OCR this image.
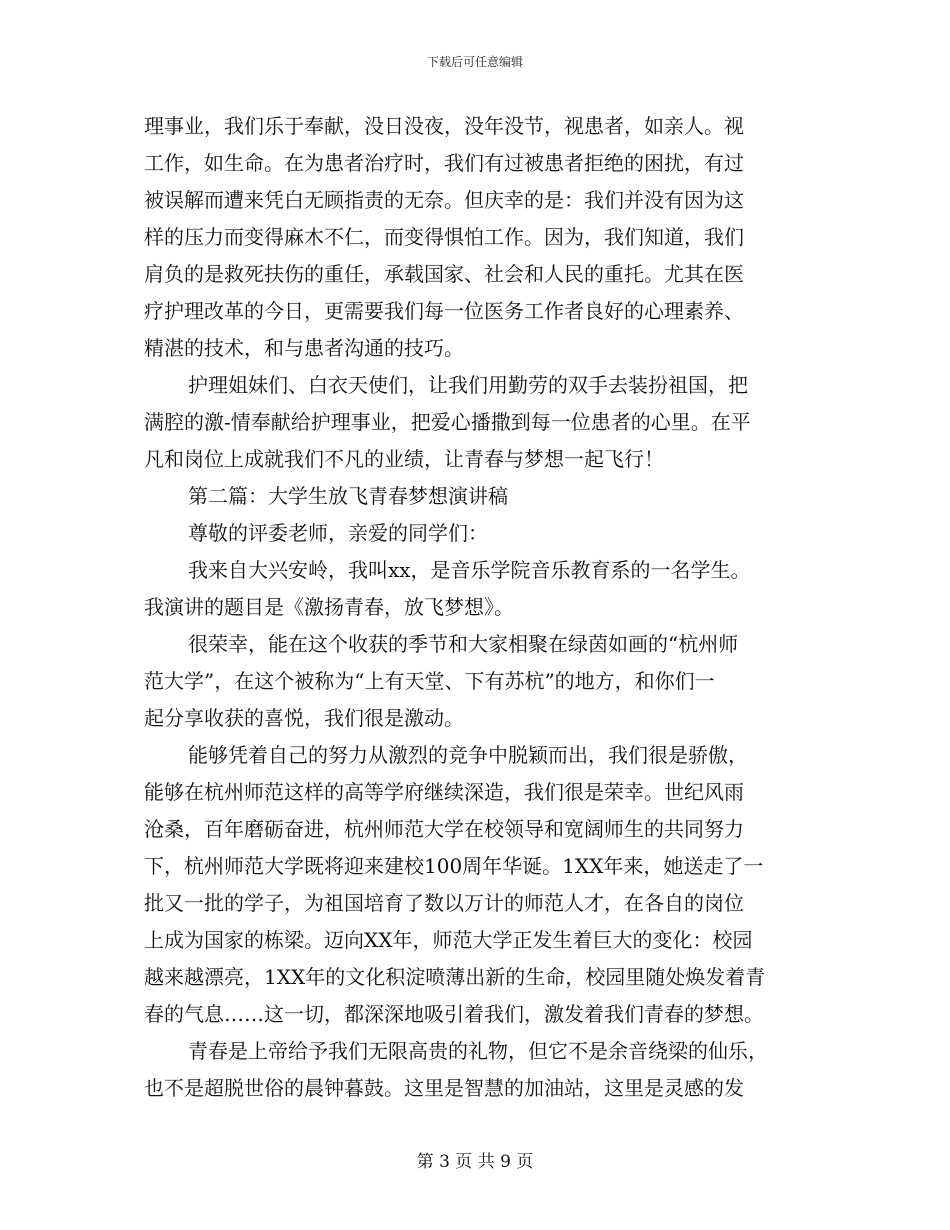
下载后可任意编辑
理事业，我们乐于奉献，没日没夜，没年没节，视患者，如亲人。视
工作，如生命。在为患者治疗时，我们有过被患者拒绝的困扰，有过
被误解而遭来凭白无顾指责的无奈。但庆幸的是：我们并没有因为这
样的压力而变得麻木不仁，而变得惧怕工作。因为，我们知道，我们
肩负的是救死扶伤的重任，承载国家、社会和人民的重托。尤其在医
疗护理改革的今日，更需要我们每一位医务工作者良好的心理素养、
精湛的技术，和与患者沟通的技巧。
护理姐妹们、白衣天使们，让我们用勤劳的双手去装扮祖国，把
满腔的激-情奉献给护理事业，把爱心播撒到每一位患者的心里。在平
凡和岗位上成就我们不凡的业绩，让青春与梦想一起飞行！
第二篇：大学生放飞青春梦想演讲稿
尊敬的评委老师，亲爱的同学们：
我来自大兴安岭，我叫xx，是音乐学院音乐教育系的一名学生。
我演讲的题目是《激扬青春，放飞梦想》。
很荣幸，能在这个收获的季节和大家相聚在绿茵如画的“杭州师
范大学”，在这个被称为“上有天堂、下有苏杭”的地方，和你们一
起分享收获的喜悦，我们很是激动。
能够凭着自己的努力从激烈的竞争中脱颖而出，我们很是骄傲，
能够在杭州师范这样的高等学府继续深造，我们很是荣幸。世纪风雨
沧桑，百年磨砺奋进，杭州师范大学在校领导和宽阔师生的共同努力
下，杭州师范大学既将迎来建校100周年华诞。1XX年来，她送走了一
批又一批的学子，为祖国培育了数以万计的师范人才，在各自的岗位
上成为国家的栋梁。迈向XX年，师范大学正发生着巨大的变化：校园
越来越漂亮，1XX年的文化积淀喷薄出新的生命，校园里随处焕发着青
春的气息……这一切，都深深地吸引着我们，激发着我们青春的梦想。
青春是上帝给予我们无限高贵的礼物，但它不是余音绕梁的仙乐，
也不是超脱世俗的晨钟暮鼓。这里是智慧的加油站，这里是灵感的发
第 3 页 共 9 页
